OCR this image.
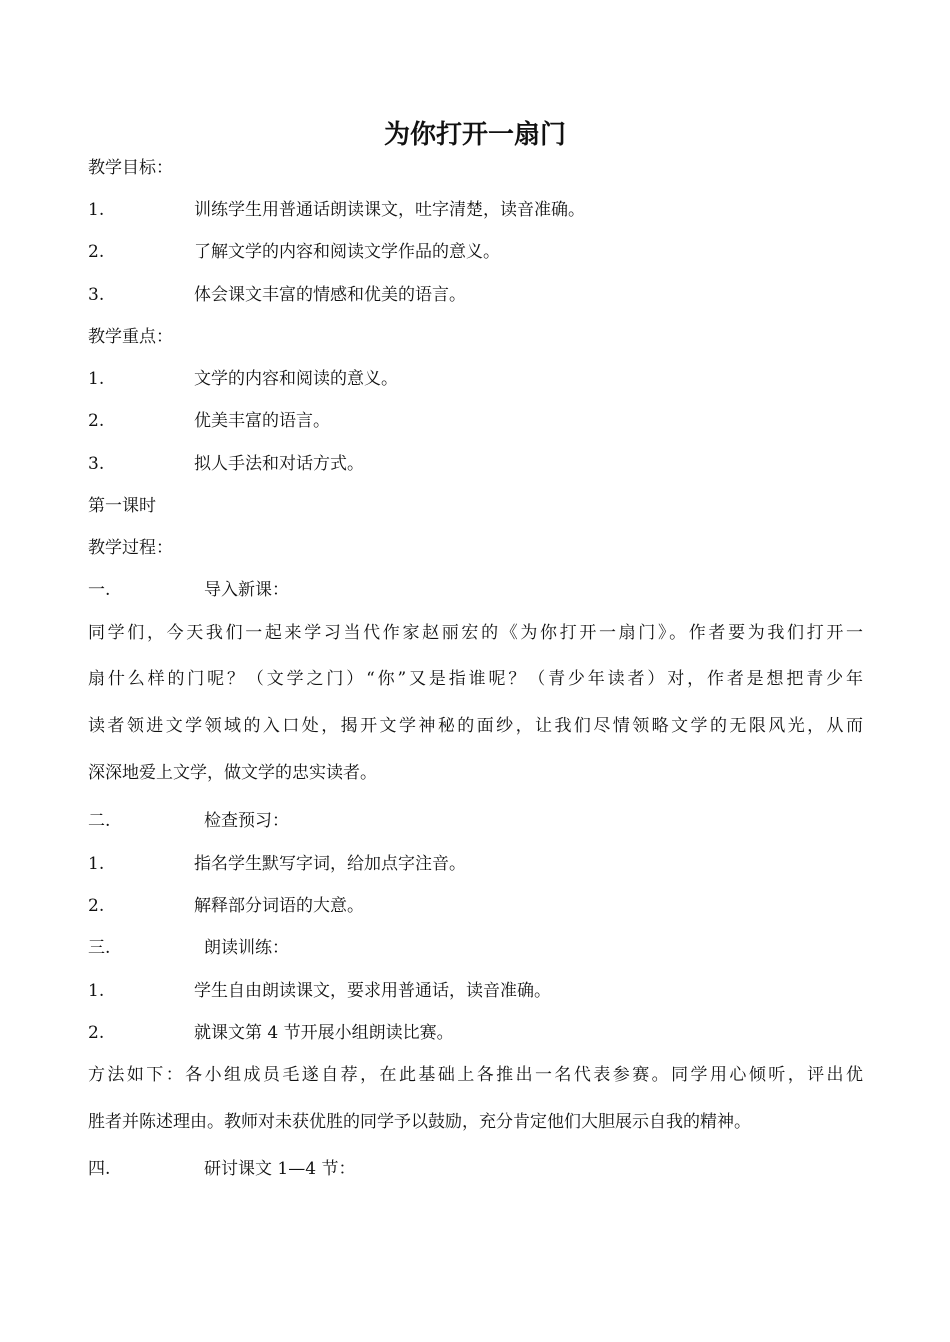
为你打开一扇门
教学目标：
1.	训练学生用普通话朗读课文，吐字清楚，读音准确。
2.	了解文学的内容和阅读文学作品的意义。
3.	体会课文丰富的情感和优美的语言。
教学重点：
1.	文学的内容和阅读的意义。
2.	优美丰富的语言。
3.	拟人手法和对话方式。
第一课时
教学过程：
一.	导入新课：
同学们，今天我们一起来学习当代作家赵丽宏的《为你打开一扇门》。作者要为我们打开一
扇什么样的门呢？（文学之门）“你”又是指谁呢？（青少年读者）对，作者是想把青少年
读者领进文学领域的入口处，揭开文学神秘的面纱，让我们尽情领略文学的无限风光，从而
深深地爱上文学，做文学的忠实读者。
二.	检查预习：
1.	指名学生默写字词，给加点字注音。
2.	解释部分词语的大意。
三.	朗读训练：
1.	学生自由朗读课文，要求用普通话，读音准确。
2.	就课文第 4 节开展小组朗读比赛。
方法如下：各小组成员毛遂自荐，在此基础上各推出一名代表参赛。同学用心倾听，评出优
胜者并陈述理由。教师对未获优胜的同学予以鼓励，充分肯定他们大胆展示自我的精神。
四.	研讨课文 1—4 节：
